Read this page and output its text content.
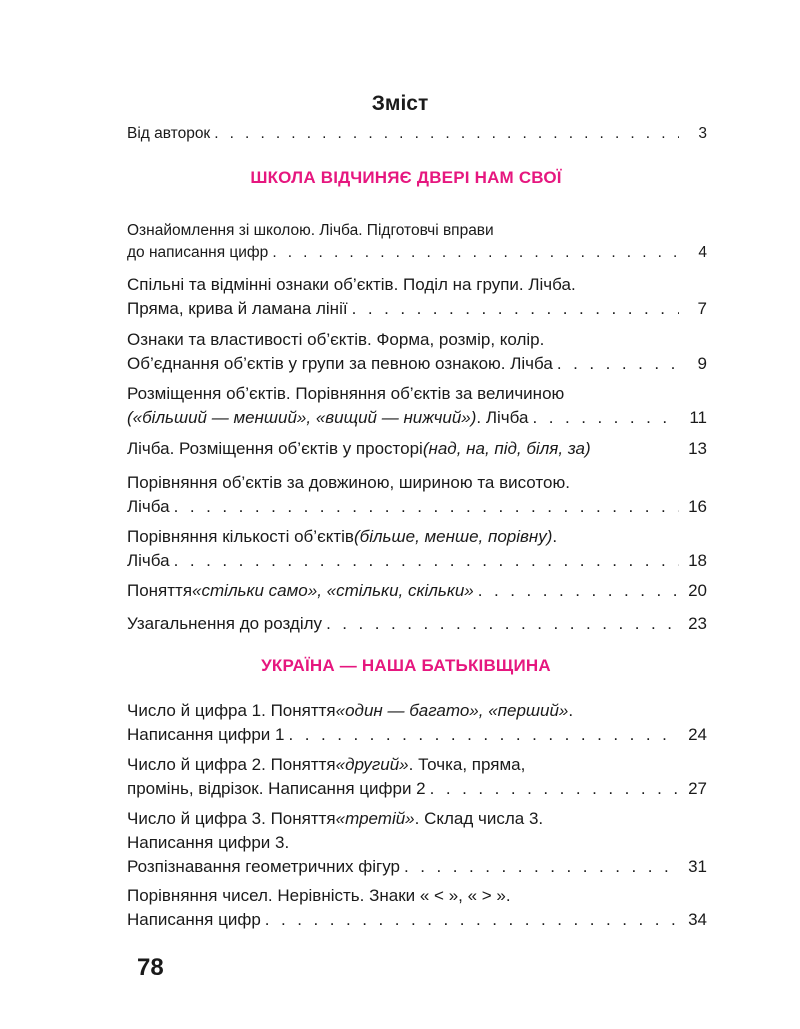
Зміст
Від авторок . . .	3
ШКОЛА ВІДЧИНЯЄ ДВЕРІ НАМ СВОЇ
Ознайомлення зі школою. Лічба. Підготовчі вправи
до написання цифр . . .	4
Спільні та відмінні ознаки об’єктів. Поділ на групи. Лічба.
Пряма, крива й ламана лінії . . .	7
Ознаки та властивості об’єктів. Форма, розмір, колір.
Об’єднання об’єктів у групи за певною ознакою. Лічба . . .	9
Розміщення об’єктів. Порівняння об’єктів за величиною
(«більший — менший», «вищий — нижчий») . Лічба . . .	11
Лічба. Розміщення об’єктів у просторі (над, на, під, біля, за)	13
Порівняння об’єктів за довжиною, шириною та висотою.
Лічба . . .	16
Порівняння кількості об’єктів (більше, менше, порівну) .
Лічба . . .	18
Поняття «стільки само», «стільки, скільки» . . .	20
Узагальнення до розділу . . .	23
УКРАЇНА — НАША БАТЬКІВЩИНА
Число й цифра 1. Поняття «один — багато», «перший» .
Написання цифри 1 . . .	24
Число й цифра 2. Поняття «другий» . Точка, пряма,
промінь, відрізок. Написання цифри 2 . . .	27
Число й цифра 3. Поняття «третій» . Склад числа 3.
Написання цифри 3.
Розпізнавання геометричних фігур . . .	31
Порівняння чисел. Нерівність. Знаки « < », « > ».
Написання цифр . . .	34
78
